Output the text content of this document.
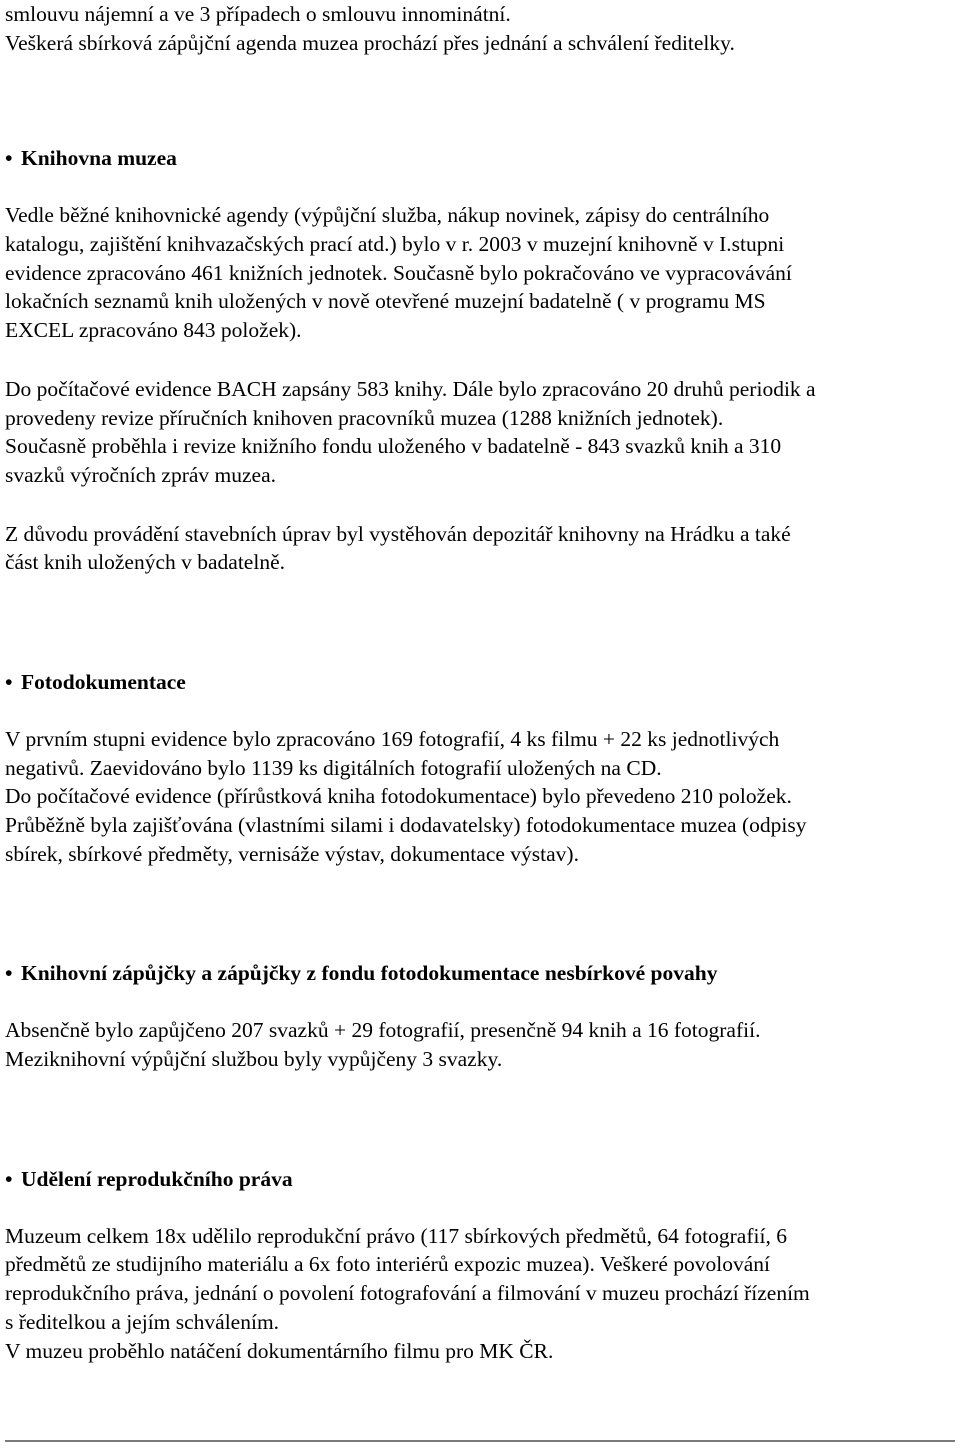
smlouvu nájemní a ve 3 případech o smlouvu innominátní.
Veškerá sbírková zápůjční agenda muzea prochází přes jednání a schválení ředitelky.
• Knihovna muzea
Vedle běžné knihovnické agendy (výpůjční služba, nákup novinek, zápisy do centrálního
katalogu, zajištění knihvazačských prací atd.) bylo v r. 2003 v muzejní knihovně v I.stupni
evidence zpracováno 461 knižních jednotek. Současně bylo pokračováno ve vypracovávání
lokačních seznamů knih uložených v nově otevřené muzejní badatelně ( v programu MS
EXCEL zpracováno 843 položek).
Do počítačové evidence BACH zapsány 583 knihy. Dále bylo zpracováno 20 druhů periodik a
provedeny revize příručních knihoven pracovníků muzea (1288 knižních jednotek).
Současně proběhla i revize knižního fondu uloženého v badatelně - 843 svazků knih a 310
svazků výročních zpráv muzea.
Z důvodu provádění stavebních úprav byl vystěhován depozitář knihovny na Hrádku a také
část knih uložených v badatelně.
• Fotodokumentace
V prvním stupni evidence bylo zpracováno 169 fotografií, 4 ks filmu + 22 ks jednotlivých
negativů. Zaevidováno bylo 1139 ks digitálních fotografií uložených na CD.
Do počítačové evidence (přírůstková kniha fotodokumentace) bylo převedeno 210 položek.
Průběžně byla zajišťována (vlastními silami i dodavatelsky) fotodokumentace muzea (odpisy
sbírek, sbírkové předměty, vernisáže výstav, dokumentace výstav).
• Knihovní zápůjčky a zápůjčky z fondu fotodokumentace nesbírkové povahy
Absenčně bylo zapůjčeno 207 svazků + 29 fotografií, presenčně 94 knih a 16 fotografií.
Meziknihovní výpůjční službou byly vypůjčeny 3 svazky.
• Udělení reprodukčního práva
Muzeum celkem 18x udělilo reprodukční právo (117 sbírkových předmětů, 64 fotografií, 6
předmětů ze studijního materiálu a 6x foto interiérů expozic muzea). Veškeré povolování
reprodukčního práva, jednání o povolení fotografování a filmování v muzeu prochází řízením
s ředitelkou a jejím schválením.
V muzeu proběhlo natáčení dokumentárního filmu pro MK ČR.
